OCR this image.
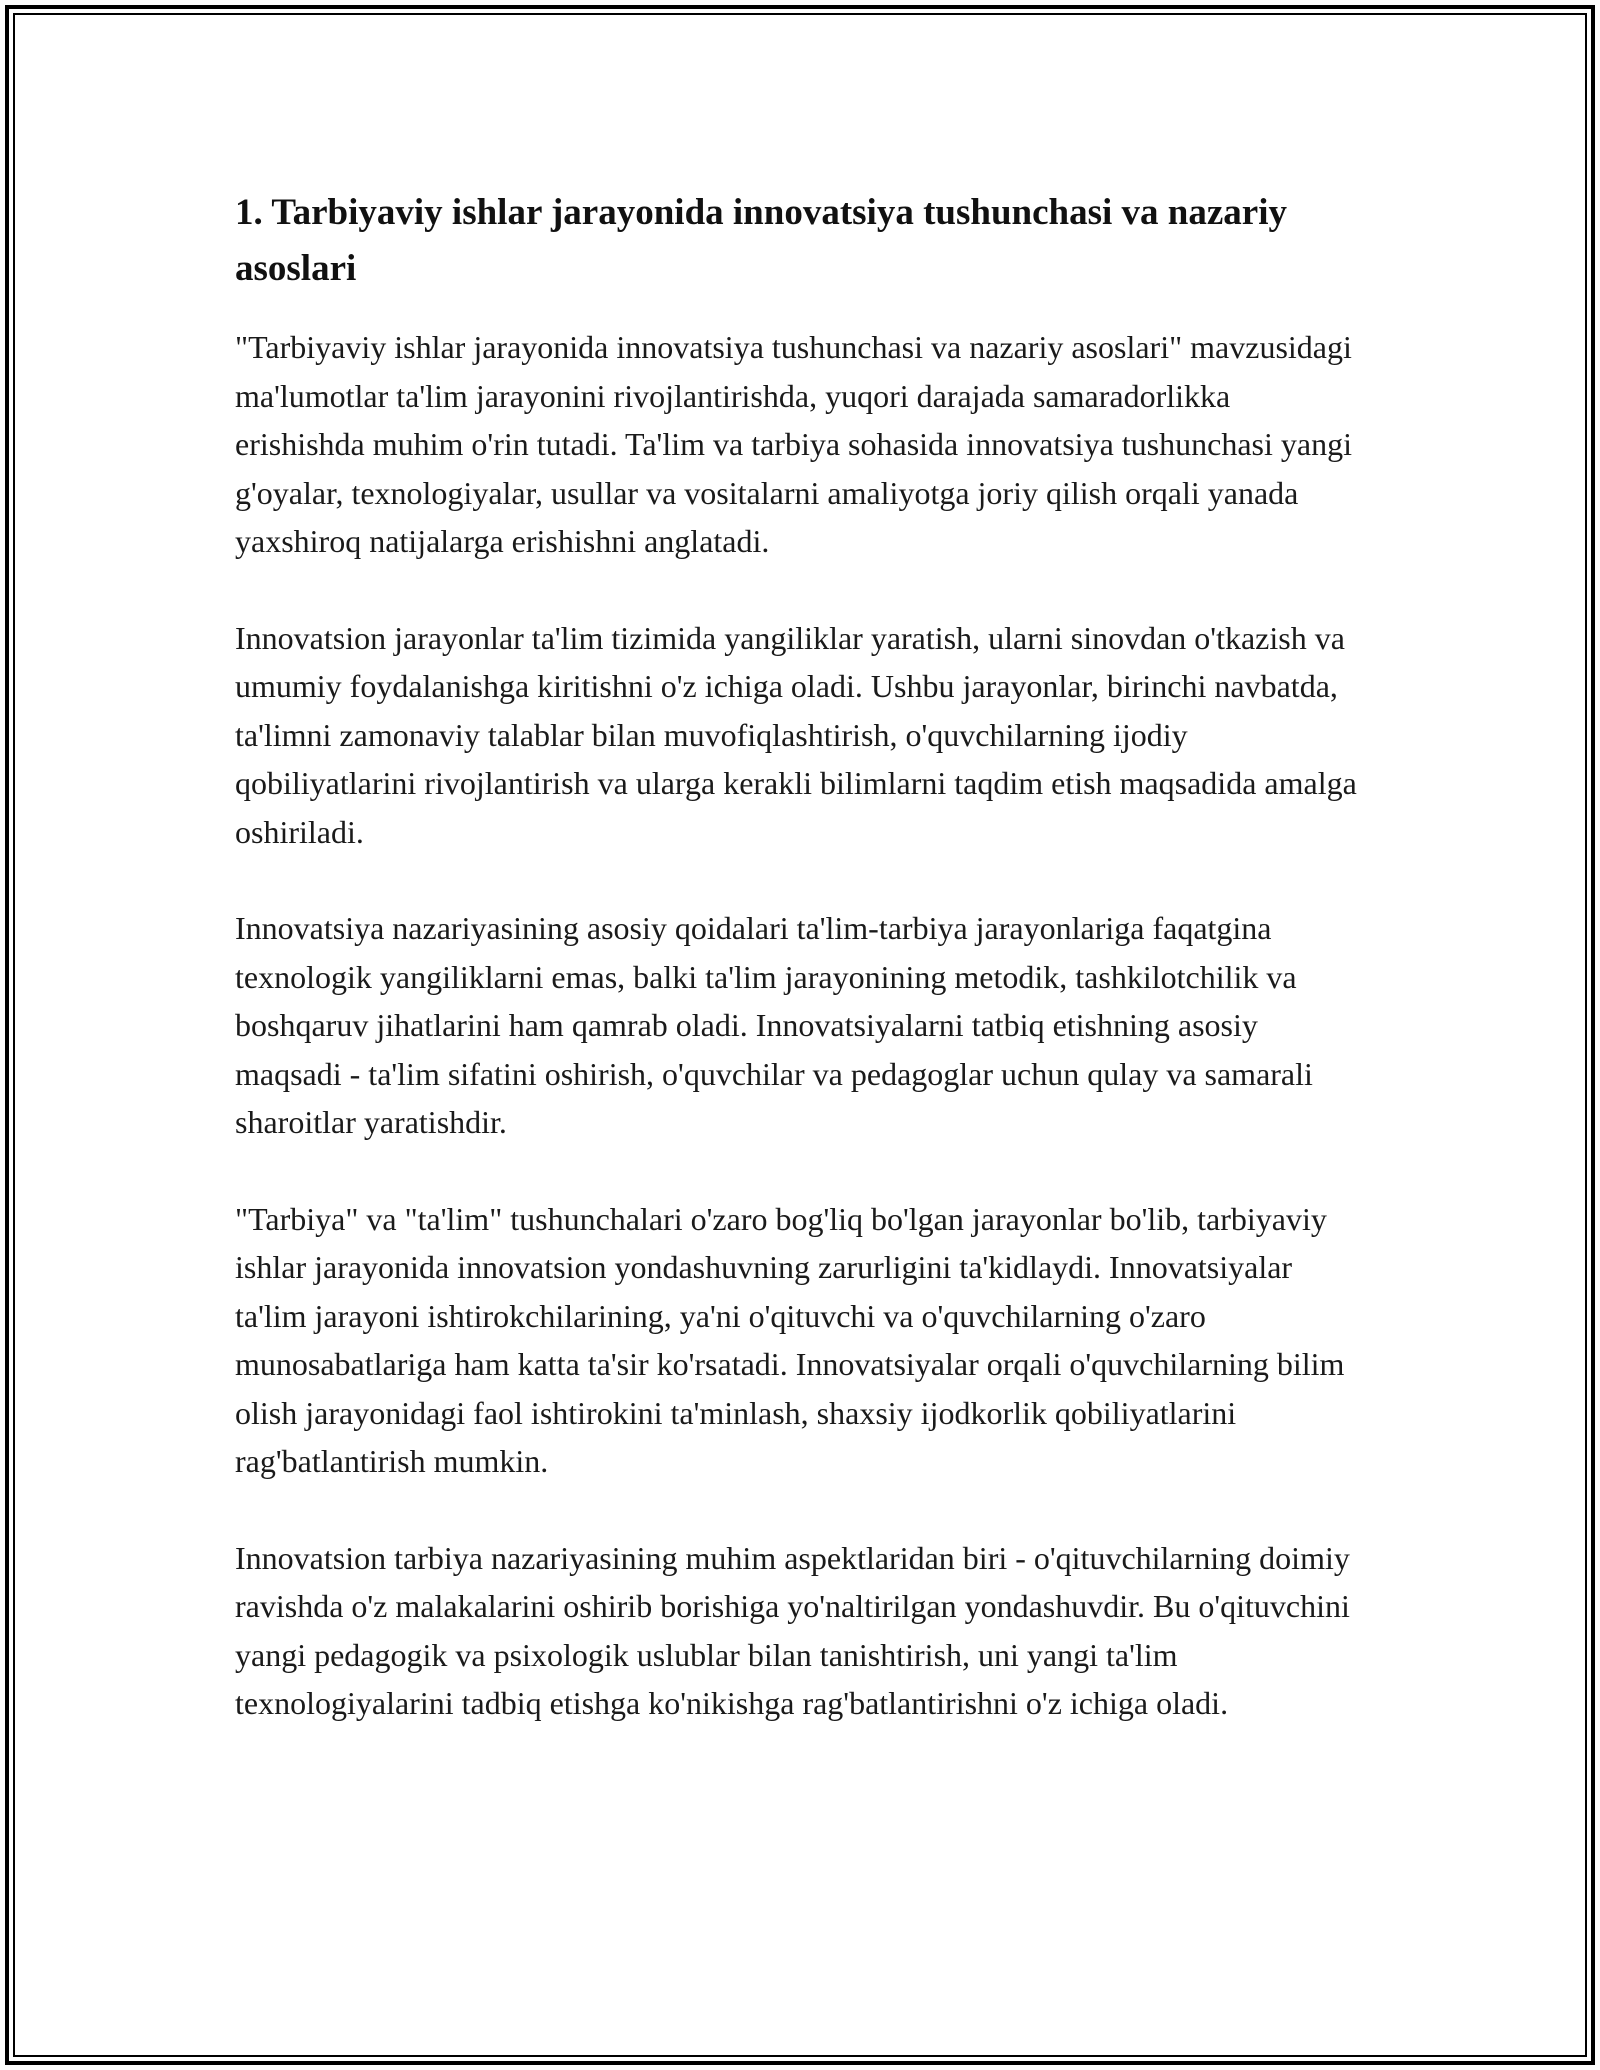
1. Tarbiyaviy ishlar jarayonida innovatsiya tushunchasi va nazariy asoslari

"Tarbiyaviy ishlar jarayonida innovatsiya tushunchasi va nazariy asoslari" mavzusidagi ma'lumotlar ta'lim jarayonini rivojlantirishda, yuqori darajada samaradorlikka erishishda muhim o'rin tutadi. Ta'lim va tarbiya sohasida innovatsiya tushunchasi yangi g'oyalar, texnologiyalar, usullar va vositalarni amaliyotga joriy qilish orqali yanada yaxshiroq natijalarga erishishni anglatadi.

Innovatsion jarayonlar ta'lim tizimida yangiliklar yaratish, ularni sinovdan o'tkazish va umumiy foydalanishga kiritishni o'z ichiga oladi. Ushbu jarayonlar, birinchi navbatda, ta'limni zamonaviy talablar bilan muvofiqlashtirish, o'quvchilarning ijodiy qobiliyatlarini rivojlantirish va ularga kerakli bilimlarni taqdim etish maqsadida amalga oshiriladi.

Innovatsiya nazariyasining asosiy qoidalari ta'lim-tarbiya jarayonlariga faqatgina texnologik yangiliklarni emas, balki ta'lim jarayonining metodik, tashkilotchilik va boshqaruv jihatlarini ham qamrab oladi. Innovatsiyalarni tatbiq etishning asosiy maqsadi - ta'lim sifatini oshirish, o'quvchilar va pedagoglar uchun qulay va samarali sharoitlar yaratishdir.

"Tarbiya" va "ta'lim" tushunchalari o'zaro bog'liq bo'lgan jarayonlar bo'lib, tarbiyaviy ishlar jarayonida innovatsion yondashuvning zarurligini ta'kidlaydi. Innovatsiyalar ta'lim jarayoni ishtirokchilarining, ya'ni o'qituvchi va o'quvchilarning o'zaro munosabatlariga ham katta ta'sir ko'rsatadi. Innovatsiyalar orqali o'quvchilarning bilim olish jarayonidagi faol ishtirokini ta'minlash, shaxsiy ijodkorlik qobiliyatlarini rag'batlantirish mumkin.

Innovatsion tarbiya nazariyasining muhim aspektlaridan biri - o'qituvchilarning doimiy ravishda o'z malakalarini oshirib borishiga yo'naltirilgan yondashuvdir. Bu o'qituvchini yangi pedagogik va psixologik uslublar bilan tanishtirish, uni yangi ta'lim texnologiyalarini tadbiq etishga ko'nikishga rag'batlantirishni o'z ichiga oladi.
